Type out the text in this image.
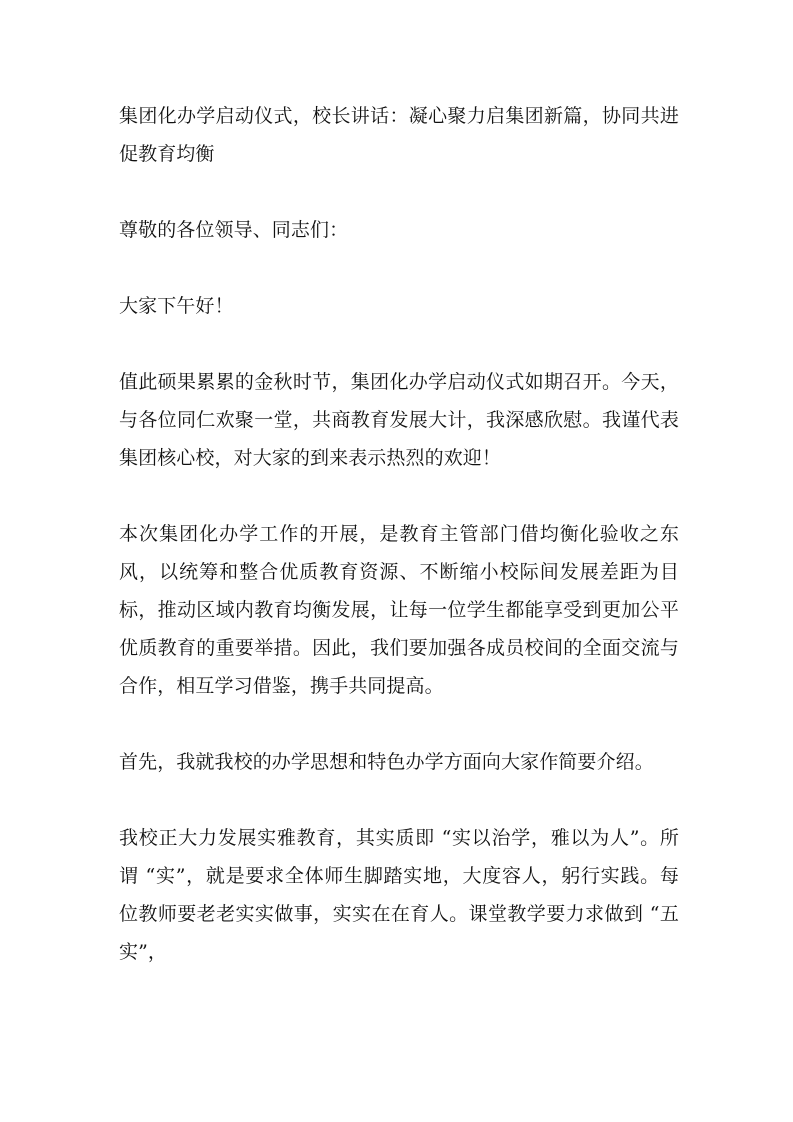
集团化办学启动仪式，校长讲话：凝心聚力启集团新篇，协同共进促教育均衡

尊敬的各位领导、同志们：

大家下午好！

值此硕果累累的金秋时节，集团化办学启动仪式如期召开。今天，与各位同仁欢聚一堂，共商教育发展大计，我深感欣慰。我谨代表集团核心校，对大家的到来表示热烈的欢迎！

本次集团化办学工作的开展，是教育主管部门借均衡化验收之东风，以统筹和整合优质教育资源、不断缩小校际间发展差距为目标，推动区域内教育均衡发展，让每一位学生都能享受到更加公平优质教育的重要举措。因此，我们要加强各成员校间的全面交流与合作，相互学习借鉴，携手共同提高。

首先，我就我校的办学思想和特色办学方面向大家作简要介绍。

我校正大力发展实雅教育，其实质即 “实以治学，雅以为人”。所谓 “实”，就是要求全体师生脚踏实地，大度容人，躬行实践。每位教师要老老实实做事，实实在在育人。课堂教学要力求做到 “五实”，
